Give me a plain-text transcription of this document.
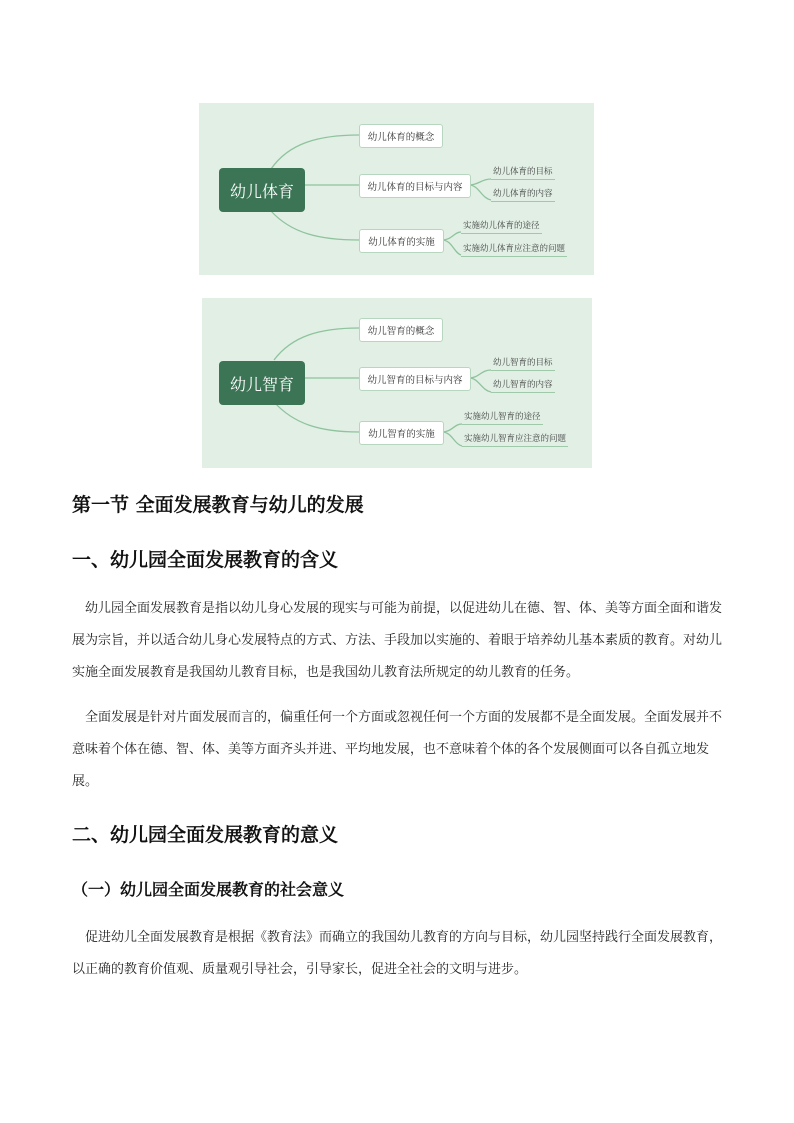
幼儿体育
幼儿体育的概念
幼儿体育的目标与内容
幼儿体育的实施
幼儿体育的目标
幼儿体育的内容
实施幼儿体育的途径
实施幼儿体育应注意的问题
幼儿智育
幼儿智育的概念
幼儿智育的目标与内容
幼儿智育的实施
幼儿智育的目标
幼儿智育的内容
实施幼儿智育的途径
实施幼儿智育应注意的问题
第一节 全面发展教育与幼儿的发展
一、幼儿园全面发展教育的含义

幼儿园全面发展教育是指以幼儿身心发展的现实与可能为前提，以促进幼儿在德、智、体、美等方面全面和谐发展为宗旨，并以适合幼儿身心发展特点的方式、方法、手段加以实施的、着眼于培养幼儿基本素质的教育。对幼儿实施全面发展教育是我国幼儿教育目标，也是我国幼儿教育法所规定的幼儿教育的任务。

全面发展是针对片面发展而言的，偏重任何一个方面或忽视任何一个方面的发展都不是全面发展。全面发展并不意味着个体在德、智、体、美等方面齐头并进、平均地发展，也不意味着个体的各个发展侧面可以各自孤立地发展。

二、幼儿园全面发展教育的意义
（一）幼儿园全面发展教育的社会意义

促进幼儿全面发展教育是根据《教育法》而确立的我国幼儿教育的方向与目标，幼儿园坚持践行全面发展教育，以正确的教育价值观、质量观引导社会，引导家长，促进全社会的文明与进步。
